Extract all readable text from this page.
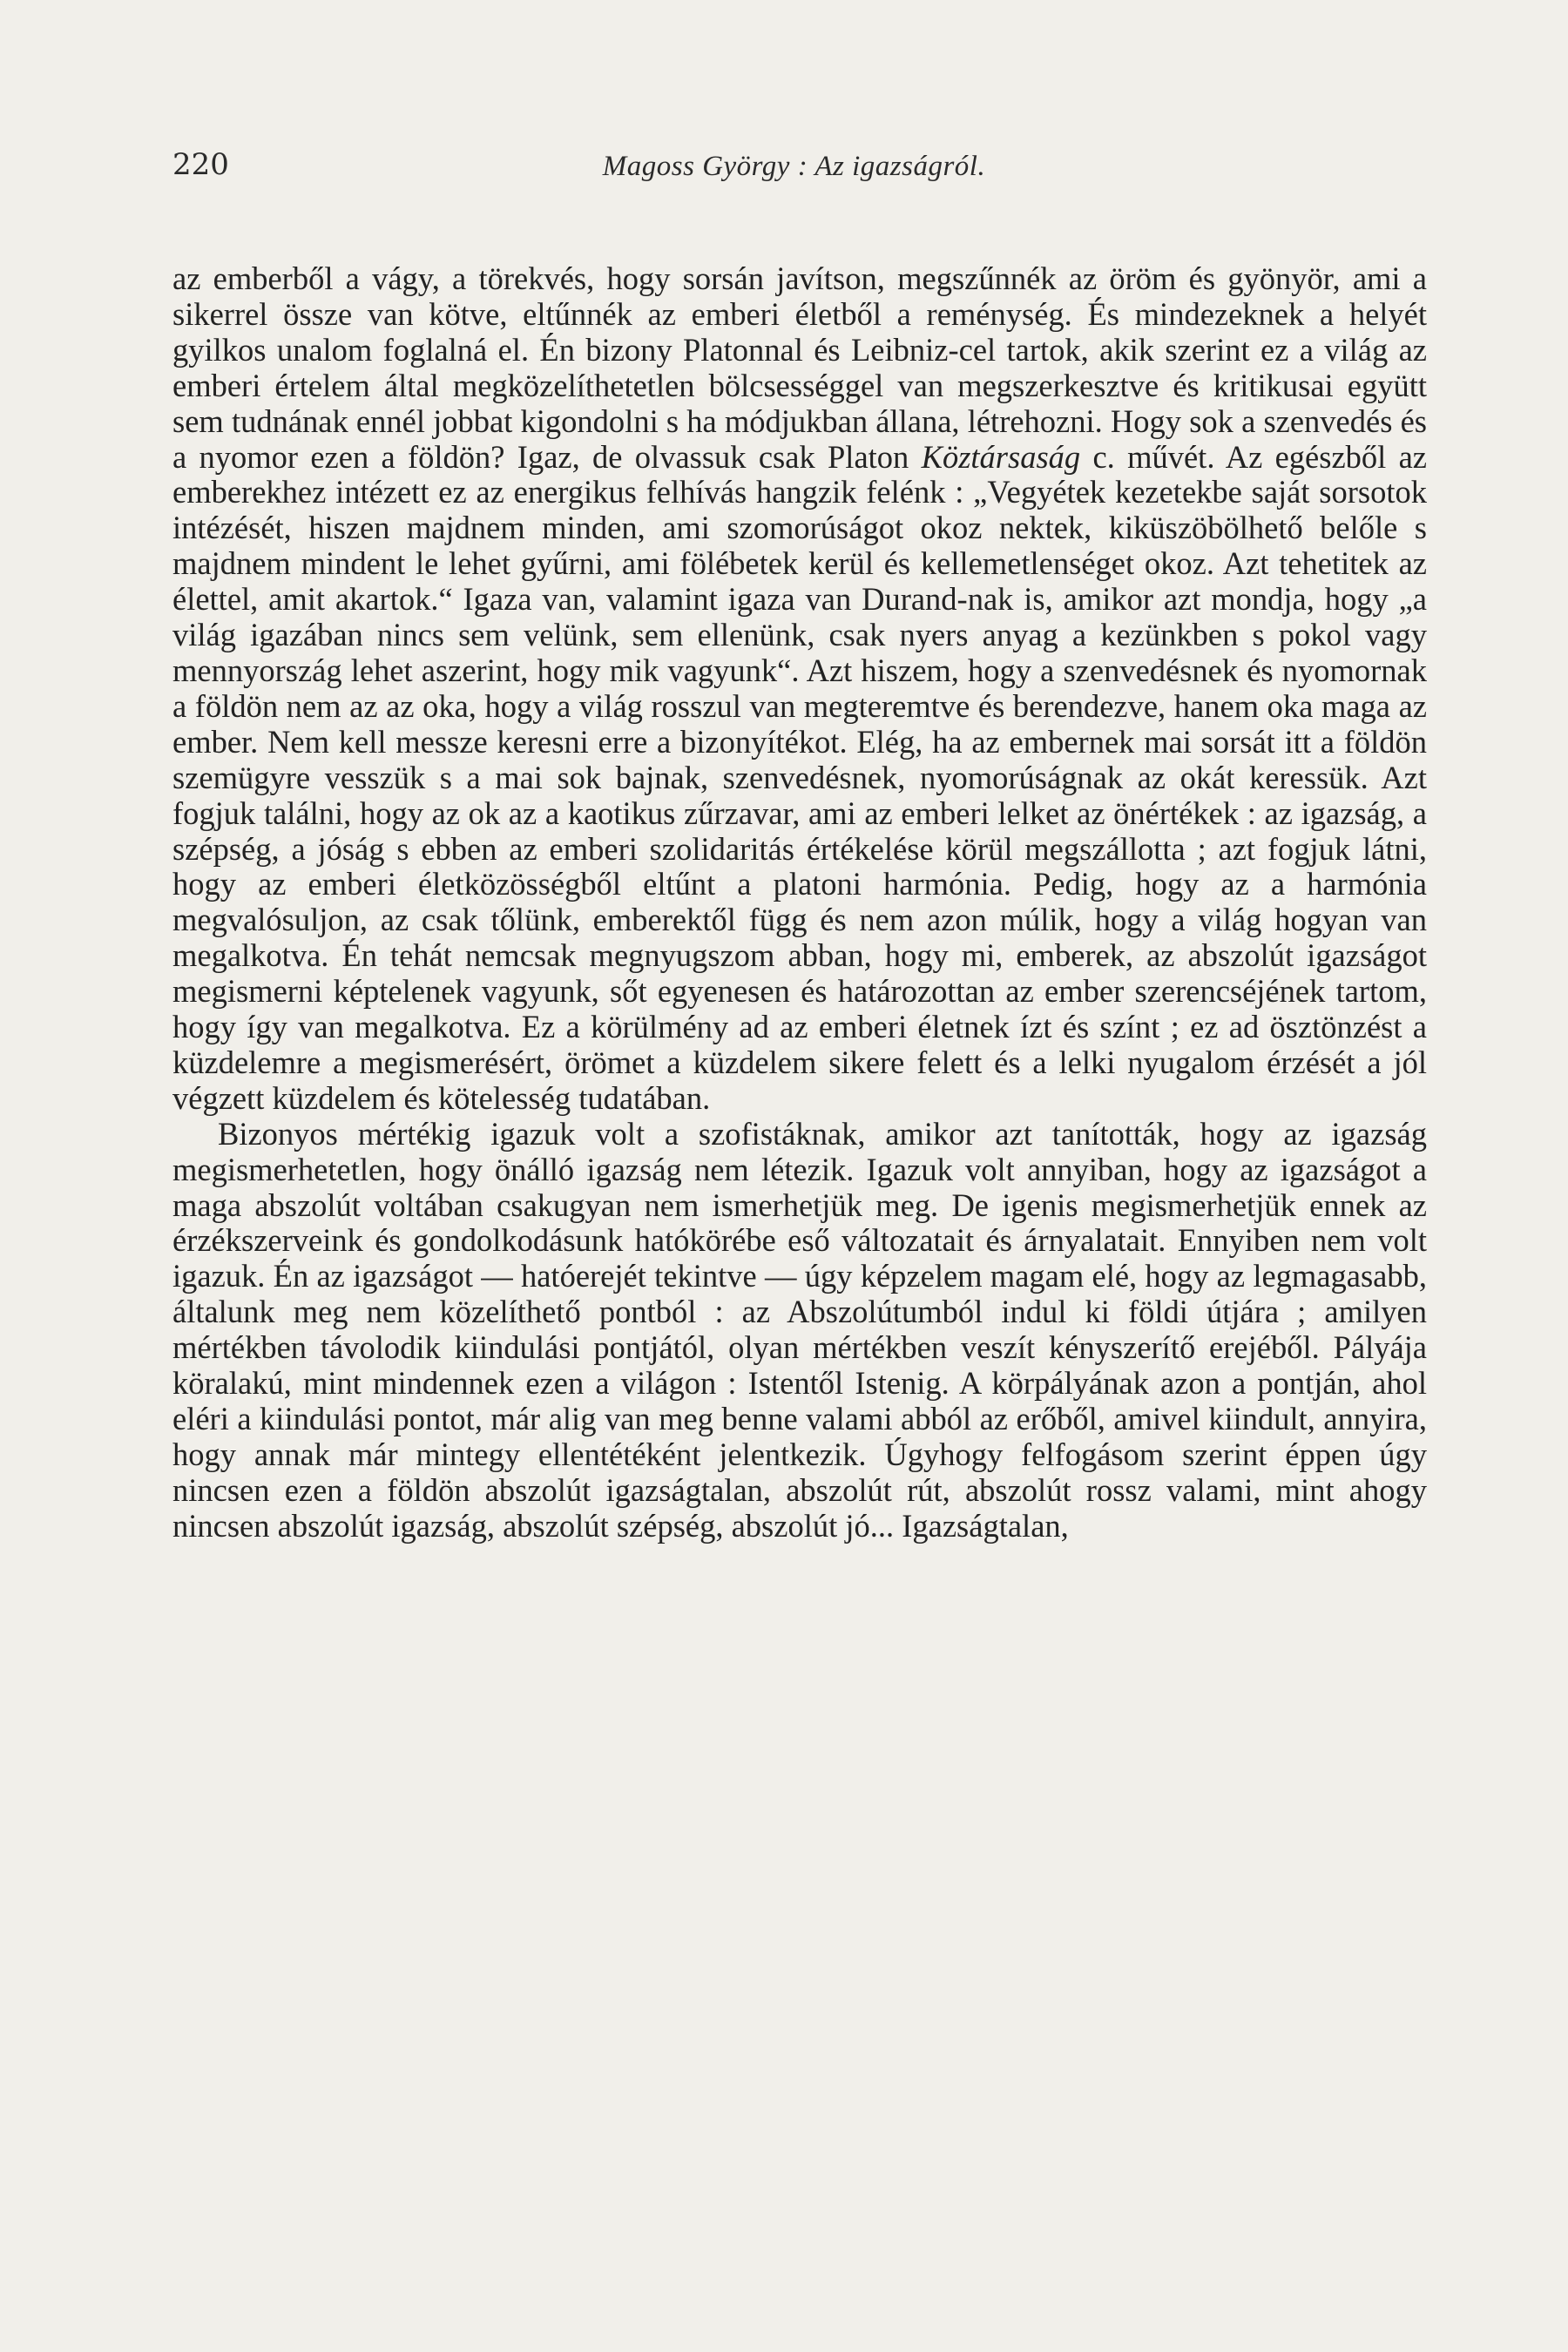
220	Magoss György : Az igazságról.

az emberből a vágy, a törekvés, hogy sorsán javítson, megszűnnék az öröm és gyönyör, ami a sikerrel össze van kötve, eltűnnék az emberi életből a reménység. És mindezeknek a helyét gyilkos unalom foglalná el. Én bizony Platonnal és Leibniz-cel tartok, akik szerint ez a világ az emberi értelem által megközelíthetetlen bölcsességgel van megszerkesztve és kritikusai együtt sem tudnának ennél jobbat kigondolni s ha módjukban állana, létrehozni. Hogy sok a szenvedés és a nyomor ezen a földön? Igaz, de olvassuk csak Platon Köztársaság c. művét. Az egészből az emberekhez intézett ez az energikus felhívás hangzik felénk : „Vegyétek kezetekbe saját sorsotok intézését, hiszen majdnem minden, ami szomorúságot okoz nektek, kiküszöbölhető belőle s majdnem mindent le lehet gyűrni, ami fölébetek kerül és kellemetlenséget okoz. Azt tehetitek az élettel, amit akartok.“ Igaza van, valamint igaza van Durand-nak is, amikor azt mondja, hogy „a világ igazában nincs sem velünk, sem ellenünk, csak nyers anyag a kezünkben s pokol vagy mennyország lehet aszerint, hogy mik vagyunk“. Azt hiszem, hogy a szenvedésnek és nyomornak a földön nem az az oka, hogy a világ rosszul van megteremtve és berendezve, hanem oka maga az ember. Nem kell messze keresni erre a bizonyítékot. Elég, ha az embernek mai sorsát itt a földön szemügyre vesszük s a mai sok bajnak, szenvedésnek, nyomorúságnak az okát keressük. Azt fogjuk találni, hogy az ok az a kaotikus zűrzavar, ami az emberi lelket az önértékek : az igazság, a szépség, a jóság s ebben az emberi szolidaritás értékelése körül megszállotta ; azt fogjuk látni, hogy az emberi életközösségből eltűnt a platoni harmónia. Pedig, hogy az a harmónia megvalósuljon, az csak tőlünk, emberektől függ és nem azon múlik, hogy a világ hogyan van megalkotva. Én tehát nemcsak megnyugszom abban, hogy mi, emberek, az abszolút igazságot megismerni képtelenek vagyunk, sőt egyenesen és határozottan az ember szerencséjének tartom, hogy így van megalkotva. Ez a körülmény ad az emberi életnek ízt és színt ; ez ad ösztönzést a küzdelemre a megismerésért, örömet a küzdelem sikere felett és a lelki nyugalom érzését a jól végzett küzdelem és kötelesség tudatában.

Bizonyos mértékig igazuk volt a szofistáknak, amikor azt tanították, hogy az igazság megismerhetetlen, hogy önálló igazság nem létezik. Igazuk volt annyiban, hogy az igazságot a maga abszolút voltában csakugyan nem ismerhetjük meg. De igenis megismerhetjük ennek az érzékszerveink és gondolkodásunk hatókörébe eső változatait és árnyalatait. Ennyiben nem volt igazuk. Én az igazságot — hatóerejét tekintve — úgy képzelem magam elé, hogy az legmagasabb, általunk meg nem közelíthető pontból : az Abszolútumból indul ki földi útjára ; amilyen mértékben távolodik kiindulási pontjától, olyan mértékben veszít kényszerítő erejéből. Pályája köralakú, mint mindennek ezen a világon : Istentől Istenig. A körpályának azon a pontján, ahol eléri a kiindulási pontot, már alig van meg benne valami abból az erőből, amivel kiindult, annyira, hogy annak már mintegy ellentétéként jelentkezik. Úgyhogy felfogásom szerint éppen úgy nincsen ezen a földön abszolút igazságtalan, abszolút rút, abszolút rossz valami, mint ahogy nincsen abszolút igazság, abszolút szépség, abszolút jó... Igazságtalan,
